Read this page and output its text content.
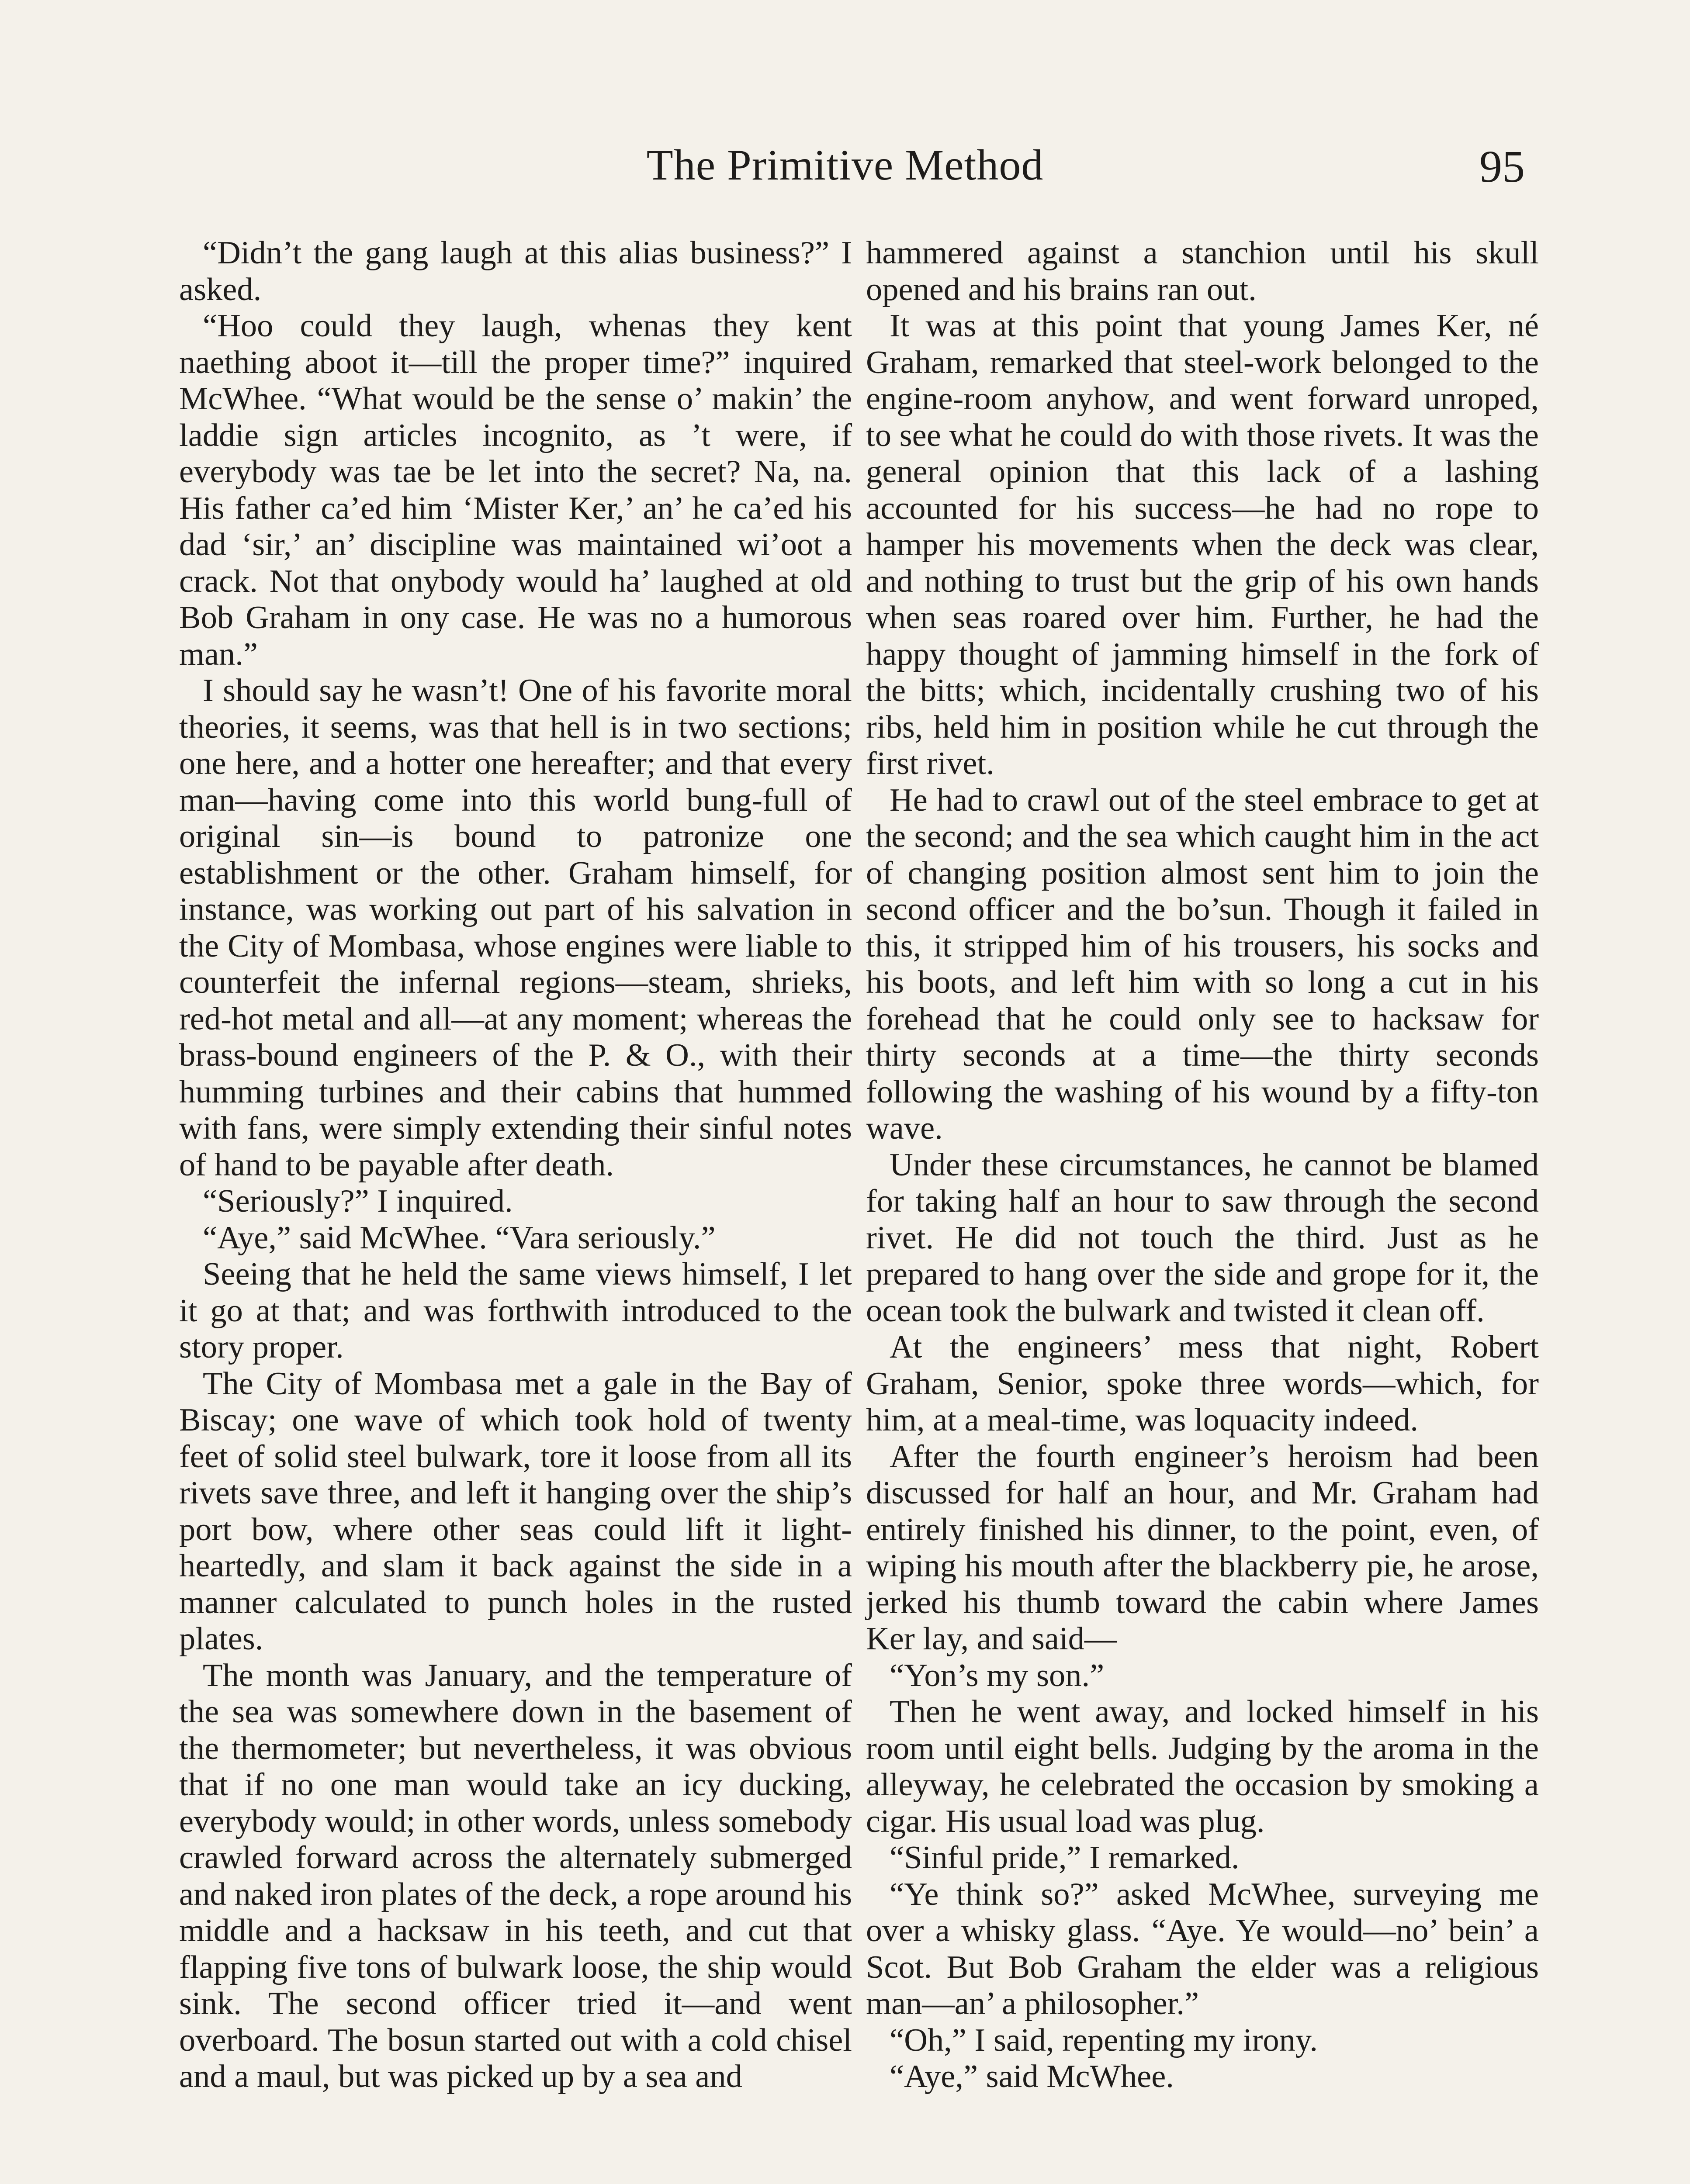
The Primitive Method	95

“Didn’t the gang laugh at this alias business?” I asked.

“Hoo could they laugh, whenas they kent naething aboot it—till the proper time?” inquired McWhee. “What would be the sense o’ makin’ the laddie sign articles incognito, as ’t were, if everybody was tae be let into the secret? Na, na. His father ca’ed him ‘Mister Ker,’ an’ he ca’ed his dad ‘sir,’ an’ discipline was maintained wi’oot a crack. Not that onybody would ha’ laughed at old Bob Graham in ony case. He was no a humorous man.”

I should say he wasn’t! One of his favorite moral theories, it seems, was that hell is in two sections; one here, and a hotter one hereafter; and that every man—having come into this world bung-full of original sin—is bound to patronize one establishment or the other. Graham himself, for instance, was working out part of his salvation in the City of Mombasa, whose engines were liable to counterfeit the infernal regions—steam, shrieks, red-hot metal and all—at any moment; whereas the brass-bound engineers of the P. & O., with their humming turbines and their cabins that hummed with fans, were simply extending their sinful notes of hand to be payable after death.

“Seriously?” I inquired.

“Aye,” said McWhee. “Vara seriously.”

Seeing that he held the same views himself, I let it go at that; and was forthwith introduced to the story proper.

The City of Mombasa met a gale in the Bay of Biscay; one wave of which took hold of twenty feet of solid steel bulwark, tore it loose from all its rivets save three, and left it hanging over the ship’s port bow, where other seas could lift it light-heartedly, and slam it back against the side in a manner calculated to punch holes in the rusted plates.

The month was January, and the temperature of the sea was somewhere down in the basement of the thermometer; but nevertheless, it was obvious that if no one man would take an icy ducking, everybody would; in other words, unless somebody crawled forward across the alternately submerged and naked iron plates of the deck, a rope around his middle and a hacksaw in his teeth, and cut that flapping five tons of bulwark loose, the ship would sink. The second officer tried it—and went overboard. The bosun started out with a cold chisel and a maul, but was picked up by a sea and

hammered against a stanchion until his skull opened and his brains ran out.

It was at this point that young James Ker, né Graham, remarked that steel-work belonged to the engine-room anyhow, and went forward unroped, to see what he could do with those rivets. It was the general opinion that this lack of a lashing accounted for his success—he had no rope to hamper his movements when the deck was clear, and nothing to trust but the grip of his own hands when seas roared over him. Further, he had the happy thought of jamming himself in the fork of the bitts; which, incidentally crushing two of his ribs, held him in position while he cut through the first rivet.

He had to crawl out of the steel embrace to get at the second; and the sea which caught him in the act of changing position almost sent him to join the second officer and the bo’sun. Though it failed in this, it stripped him of his trousers, his socks and his boots, and left him with so long a cut in his forehead that he could only see to hacksaw for thirty seconds at a time—the thirty seconds following the washing of his wound by a fifty-ton wave.

Under these circumstances, he cannot be blamed for taking half an hour to saw through the second rivet. He did not touch the third. Just as he prepared to hang over the side and grope for it, the ocean took the bulwark and twisted it clean off.

At the engineers’ mess that night, Robert Graham, Senior, spoke three words—which, for him, at a meal-time, was loquacity indeed.

After the fourth engineer’s heroism had been discussed for half an hour, and Mr. Graham had entirely finished his dinner, to the point, even, of wiping his mouth after the blackberry pie, he arose, jerked his thumb toward the cabin where James Ker lay, and said—

“Yon’s my son.”

Then he went away, and locked himself in his room until eight bells. Judging by the aroma in the alleyway, he celebrated the occasion by smoking a cigar. His usual load was plug.

“Sinful pride,” I remarked.

“Ye think so?” asked McWhee, surveying me over a whisky glass. “Aye. Ye would—no’ bein’ a Scot. But Bob Graham the elder was a religious man—an’ a philosopher.”

“Oh,” I said, repenting my irony.

“Aye,” said McWhee.
